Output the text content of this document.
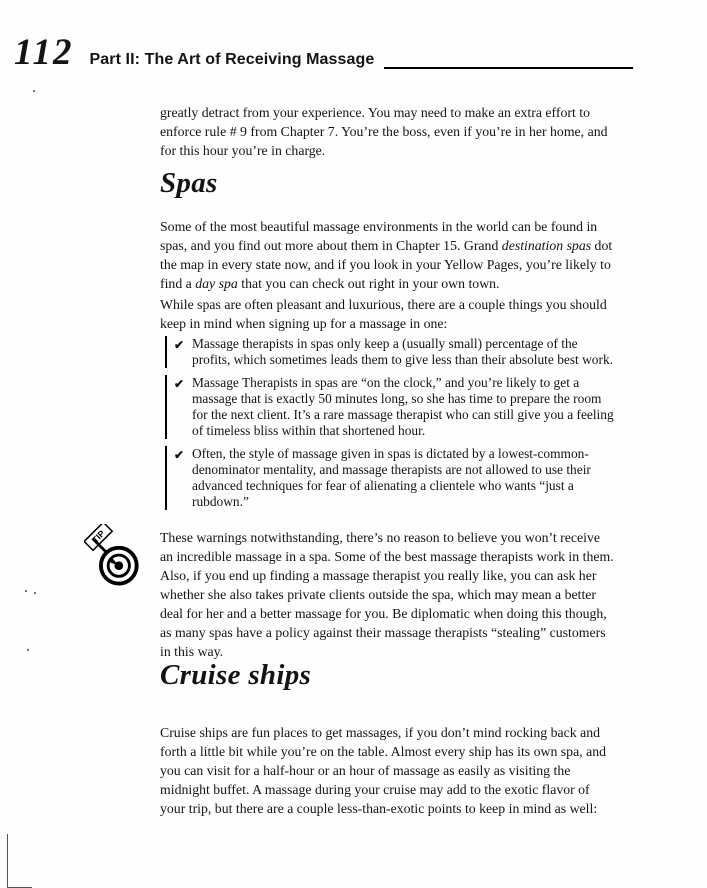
112 Part II: The Art of Receiving Massage

greatly detract from your experience. You may need to make an extra effort to enforce rule # 9 from Chapter 7. You’re the boss, even if you’re in her home, and for this hour you’re in charge.

Spas

Some of the most beautiful massage environments in the world can be found in spas, and you find out more about them in Chapter 15. Grand destination spas dot the map in every state now, and if you look in your Yellow Pages, you’re likely to find a day spa that you can check out right in your own town.

While spas are often pleasant and luxurious, there are a couple things you should keep in mind when signing up for a massage in one:

✔ Massage therapists in spas only keep a (usually small) percentage of the profits, which sometimes leads them to give less than their absolute best work.
✔ Massage Therapists in spas are “on the clock,” and you’re likely to get a massage that is exactly 50 minutes long, so she has time to prepare the room for the next client. It’s a rare massage therapist who can still give you a feeling of timeless bliss within that shortened hour.
✔ Often, the style of massage given in spas is dictated by a lowest-common-denominator mentality, and massage therapists are not allowed to use their advanced techniques for fear of alienating a clientele who wants “just a rubdown.”
TIP	These warnings notwithstanding, there’s no reason to believe you won’t receive an incredible massage in a spa. Some of the best massage therapists work in them. Also, if you end up finding a massage therapist you really like, you can ask her whether she also takes private clients outside the spa, which may mean a better deal for her and a better massage for you. Be diplomatic when doing this though, as many spas have a policy against their massage therapists “stealing” customers in this way.

Cruise ships

Cruise ships are fun places to get massages, if you don’t mind rocking back and forth a little bit while you’re on the table. Almost every ship has its own spa, and you can visit for a half-hour or an hour of massage as easily as visiting the midnight buffet. A massage during your cruise may add to the exotic flavor of your trip, but there are a couple less-than-exotic points to keep in mind as well:
